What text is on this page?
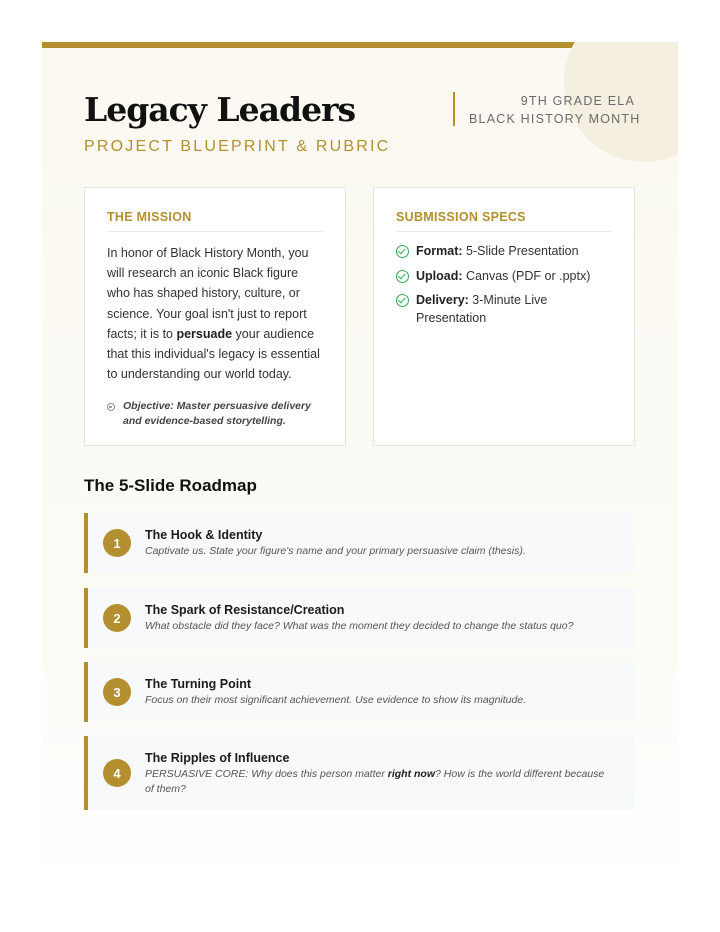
Legacy Leaders
PROJECT BLUEPRINT & RUBRIC
9TH GRADE ELA
BLACK HISTORY MONTH
THE MISSION

In honor of Black History Month, you will research an iconic Black figure who has shaped history, culture, or science. Your goal isn't just to report facts; it is to persuade your audience that this individual's legacy is essential to understanding our world today.

Objective: Master persuasive delivery and evidence-based storytelling.
SUBMISSION SPECS
Format: 5-Slide Presentation
Upload: Canvas (PDF or .pptx)
Delivery: 3-Minute Live Presentation
The 5-Slide Roadmap
1
The Hook & Identity
Captivate us. State your figure's name and your primary persuasive claim (thesis).
2
The Spark of Resistance/Creation
What obstacle did they face? What was the moment they decided to change the status quo?
3
The Turning Point
Focus on their most significant achievement. Use evidence to show its magnitude.
4
The Ripples of Influence
PERSUASIVE CORE: Why does this person matter right now? How is the world different because of them?
